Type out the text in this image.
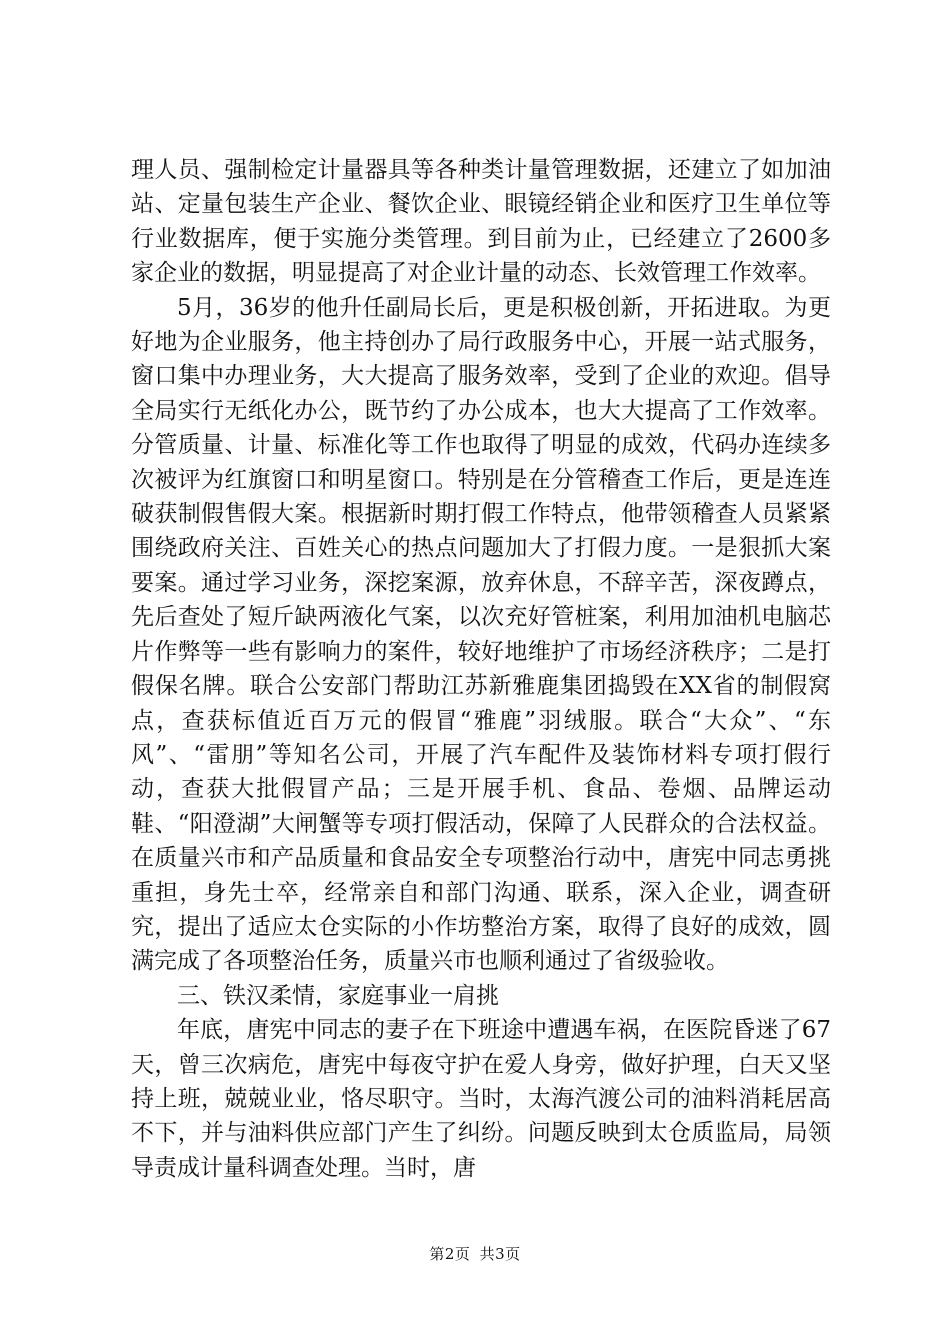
理人员、强制检定计量器具等各种类计量管理数据，还建立了如加油站、定量包装生产企业、餐饮企业、眼镜经销企业和医疗卫生单位等行业数据库，便于实施分类管理。到目前为止，已经建立了2600多家企业的数据，明显提高了对企业计量的动态、长效管理工作效率。

5月，36岁的他升任副局长后，更是积极创新，开拓进取。为更好地为企业服务，他主持创办了局行政服务中心，开展一站式服务，窗口集中办理业务，大大提高了服务效率，受到了企业的欢迎。倡导全局实行无纸化办公，既节约了办公成本，也大大提高了工作效率。分管质量、计量、标准化等工作也取得了明显的成效，代码办连续多次被评为红旗窗口和明星窗口。特别是在分管稽查工作后，更是连连破获制假售假大案。根据新时期打假工作特点，他带领稽查人员紧紧围绕政府关注、百姓关心的热点问题加大了打假力度。一是狠抓大案要案。通过学习业务，深挖案源，放弃休息，不辞辛苦，深夜蹲点，先后查处了短斤缺两液化气案，以次充好管桩案，利用加油机电脑芯片作弊等一些有影响力的案件，较好地维护了市场经济秩序；二是打假保名牌。联合公安部门帮助江苏新雅鹿集团捣毁在XX省的制假窝点，查获标值近百万元的假冒“雅鹿”羽绒服。联合“大众”、“东风”、“雷朋”等知名公司，开展了汽车配件及装饰材料专项打假行动，查获大批假冒产品；三是开展手机、食品、卷烟、品牌运动鞋、“阳澄湖”大闸蟹等专项打假活动，保障了人民群众的合法权益。在质量兴市和产品质量和食品安全专项整治行动中，唐宪中同志勇挑重担，身先士卒，经常亲自和部门沟通、联系，深入企业，调查研究，提出了适应太仓实际的小作坊整治方案，取得了良好的成效，圆满完成了各项整治任务，质量兴市也顺利通过了省级验收。

三、铁汉柔情，家庭事业一肩挑

年底，唐宪中同志的妻子在下班途中遭遇车祸，在医院昏迷了67天，曾三次病危，唐宪中每夜守护在爱人身旁，做好护理，白天又坚持上班，兢兢业业，恪尽职守。当时，太海汽渡公司的油料消耗居高不下，并与油料供应部门产生了纠纷。问题反映到太仓质监局，局领导责成计量科调查处理。当时，唐

第2页 共3页
